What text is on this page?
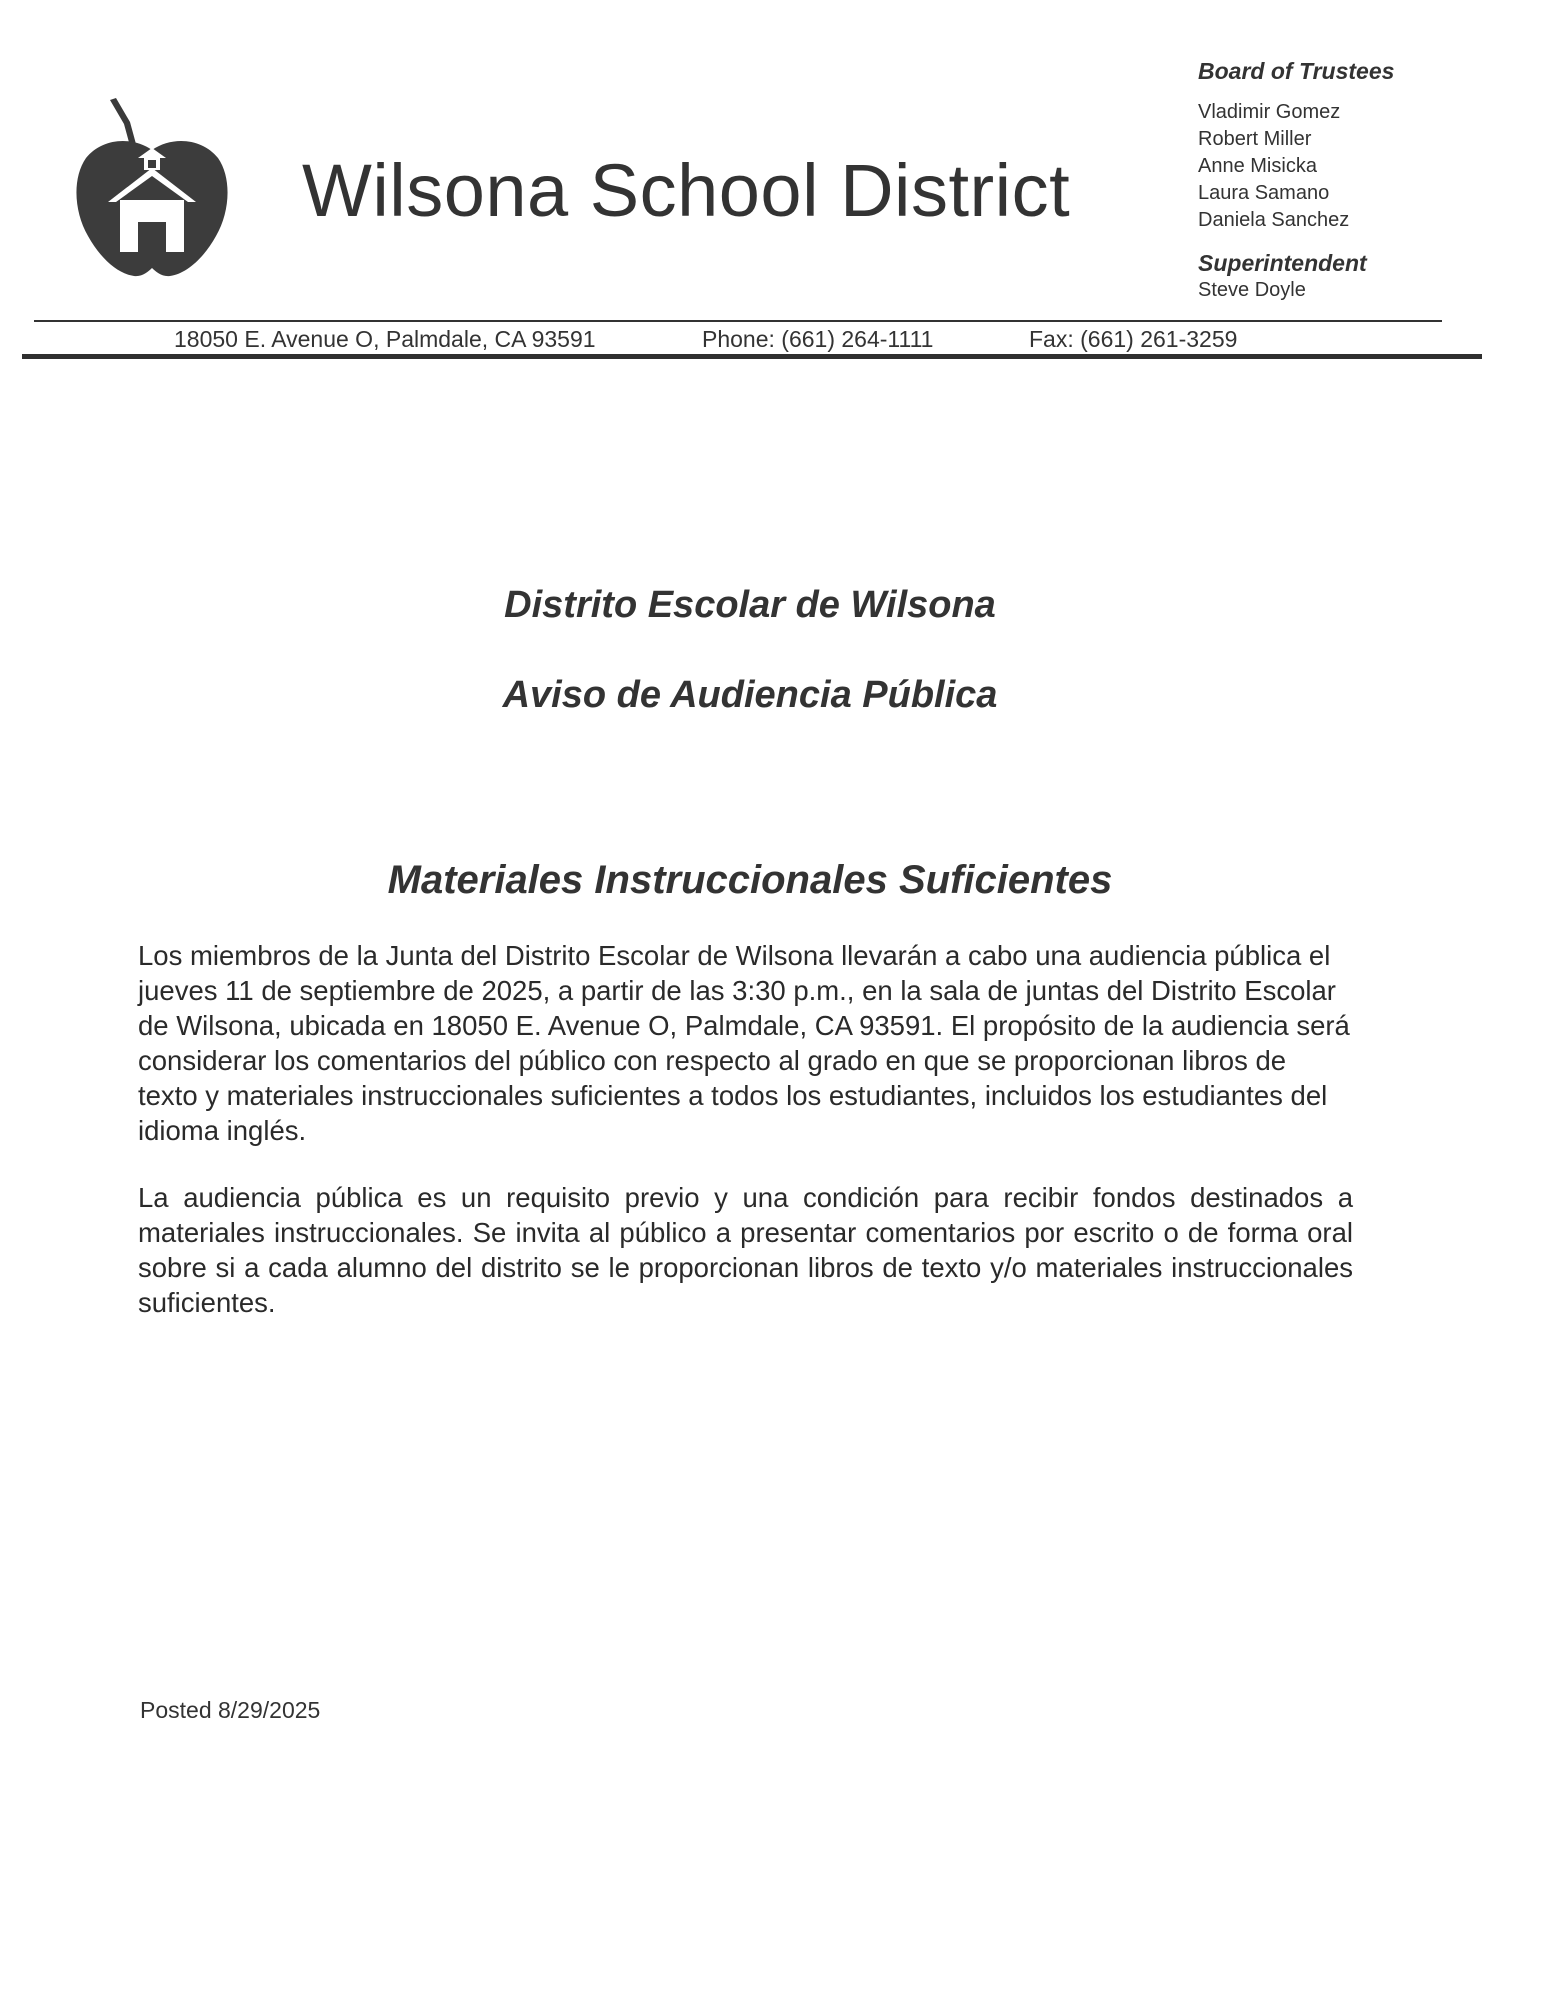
Wilsona School District
Board of Trustees
Vladimir Gomez
Robert Miller
Anne Misicka
Laura Samano
Daniela Sanchez
Superintendent
Steve Doyle
18050 E. Avenue O, Palmdale, CA 93591	Phone: (661) 264-1111	Fax: (661) 261-3259
Distrito Escolar de Wilsona
Aviso de Audiencia Pública
Materiales Instruccionales Suficientes

Los miembros de la Junta del Distrito Escolar de Wilsona llevarán a cabo una audiencia pública el jueves 11 de septiembre de 2025, a partir de las 3:30 p.m., en la sala de juntas del Distrito Escolar de Wilsona, ubicada en 18050 E. Avenue O, Palmdale, CA 93591. El propósito de la audiencia será considerar los comentarios del público con respecto al grado en que se proporcionan libros de texto y materiales instruccionales suficientes a todos los estudiantes, incluidos los estudiantes del idioma inglés.

La audiencia pública es un requisito previo y una condición para recibir fondos destinados a materiales instruccionales. Se invita al público a presentar comentarios por escrito o de forma oral sobre si a cada alumno del distrito se le proporcionan libros de texto y/o materiales instruccionales suficientes.

Posted 8/29/2025
